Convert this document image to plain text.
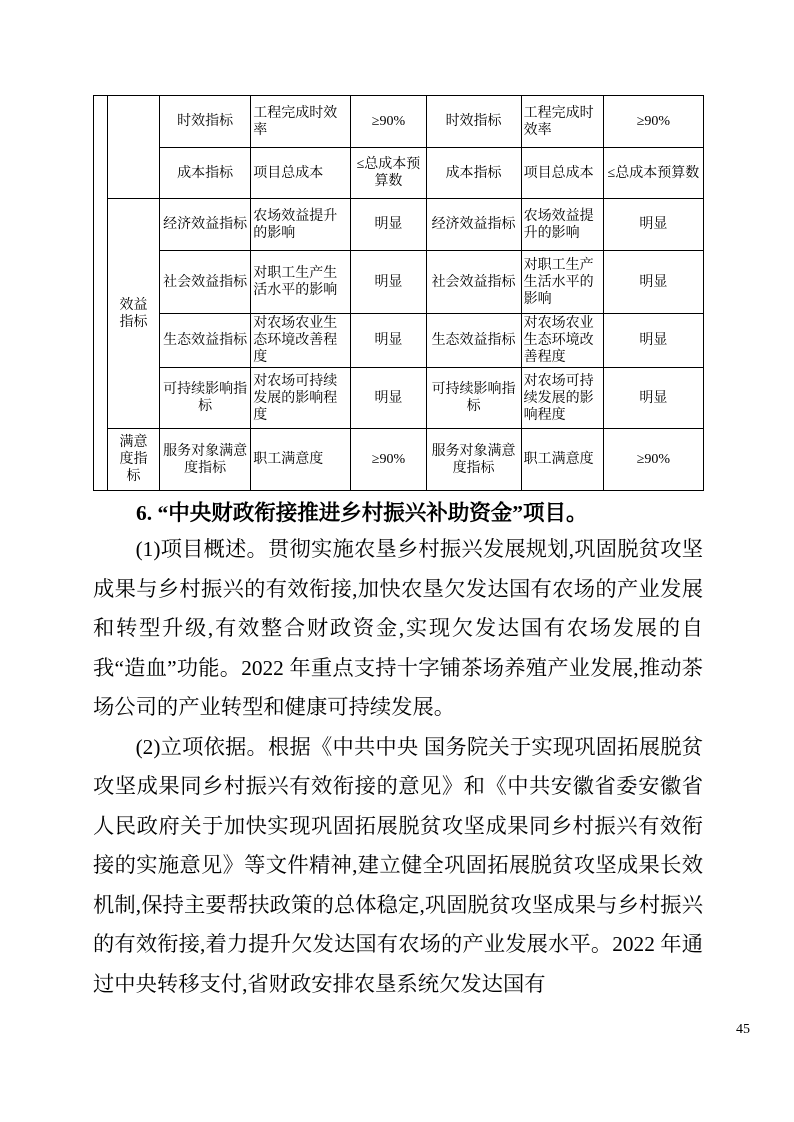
		时效指标	工程完成时效率	≥90%	时效指标	工程完成时效率	≥90%
		成本指标	项目总成本	≤总成本预算数	成本指标	项目总成本	≤总成本预算数
	效益指标	经济效益指标	农场效益提升的影响	明显	经济效益指标	农场效益提升的影响	明显
		社会效益指标	对职工生产生活水平的影响	明显	社会效益指标	对职工生产生活水平的影响	明显
		生态效益指标	对农场农业生态环境改善程度	明显	生态效益指标	对农场农业生态环境改善程度	明显
		可持续影响指标	对农场可持续发展的影响程度	明显	可持续影响指标	对农场可持续发展的影响程度	明显
	满意度指标	服务对象满意度指标	职工满意度	≥90%	服务对象满意度指标	职工满意度	≥90%
6. “中央财政衔接推进乡村振兴补助资金”项目。

(1)项目概述。贯彻实施农垦乡村振兴发展规划,巩固脱贫攻坚成果与乡村振兴的有效衔接,加快农垦欠发达国有农场的产业发展和转型升级,有效整合财政资金,实现欠发达国有农场发展的自我“造血”功能。2022 年重点支持十字铺茶场养殖产业发展,推动茶场公司的产业转型和健康可持续发展。

(2)立项依据。根据《中共中央 国务院关于实现巩固拓展脱贫攻坚成果同乡村振兴有效衔接的意见》和《中共安徽省委安徽省人民政府关于加快实现巩固拓展脱贫攻坚成果同乡村振兴有效衔接的实施意见》等文件精神,建立健全巩固拓展脱贫攻坚成果长效机制,保持主要帮扶政策的总体稳定,巩固脱贫攻坚成果与乡村振兴的有效衔接,着力提升欠发达国有农场的产业发展水平。2022 年通过中央转移支付,省财政安排农垦系统欠发达国有

45
